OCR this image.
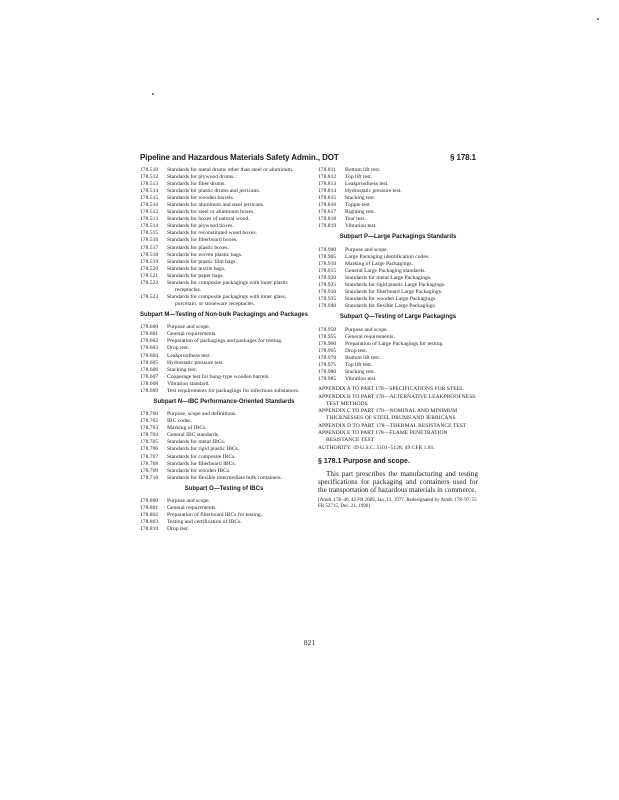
Pipeline and Hazardous Materials Safety Admin., DOT	§ 178.1
178.510	Standards for metal drums other than steel or aluminum.
178.512	Standards for plywood drums.
178.513	Standards for fiber drums.
178.514	Standards for plastic drums and jerricans.
178.515	Standards for wooden barrels.
178.516	Standards for aluminum and steel jerricans.
178.512	Standards for steel or aluminum boxes.
178.513	Standards for boxes of natural wood.
178.514	Standards for plywood boxes.
178.515	Standards for reconstituted wood boxes.
178.516	Standards for fiberboard boxes.
178.517	Standards for plastic boxes.
178.518	Standards for woven plastic bags.
178.519	Standards for plastic film bags.
178.520	Standards for textile bags.
178.521	Standards for paper bags.
178.522	Standards for composite packagings with inner plastic receptacles.
178.523	Standards for composite packagings with inner glass, porcelain, or stoneware receptacles.
Subpart M—Testing of Non-bulk Packagings and Packages
178.600	Purpose and scope.
178.601	General requirements.
178.602	Preparation of packagings and packages for testing.
178.603	Drop test.
178.604	Leakproofness test.
178.605	Hydrostatic pressure test.
178.606	Stacking test.
178.607	Cooperage test for bung-type wooden barrels.
178.608	Vibration standard.
178.609	Test requirements for packagings for infectious substances.
Subpart N—IBC Performance-Oriented Standards
178.700	Purpose, scope and definitions.
178.702	IBC codes.
178.703	Marking of IBCs.
178.704	General IBC standards.
178.705	Standards for metal IBCs.
178.706	Standards for rigid plastic IBCs.
178.707	Standards for composite IBCs.
178.708	Standards for fiberboard IBCs.
178.709	Standards for wooden IBCs.
178.710	Standards for flexible intermediate bulk containers.
Subpart O—Testing of IBCs
178.800	Purpose and scope.
178.801	General requirements.
178.802	Preparation of fiberboard IBCs for testing.
178.803	Testing and certification of IBCs.
178.810	Drop test.
178.811	Bottom lift test.
178.812	Top lift test.
178.813	Leakproofness test.
178.814	Hydrostatic pressure test.
178.815	Stacking test.
178.816	Topple test.
178.817	Righting test.
178.818	Tear test.
178.819	Vibration test.
Subpart P—Large Packagings Standards
178.900	Purpose and scope.
178.905	Large Packaging identification codes.
178.910	Marking of Large Packagings.
178.915	General Large Packaging standards.
178.920	Standards for metal Large Packagings.
178.925	Standards for rigid plastic Large Packagings.
178.930	Standards for fiberboard Large Packagings.
178.935	Standards for wooden Large Packagings.
178.940	Standards for flexible Large Packagings.
Subpart Q—Testing of Large Packagings
178.950	Purpose and scope.
178.955	General requirements.
178.960	Preparation of Large Packagings for testing.
178.965	Drop test.
178.970	Bottom lift test.
178.975	Top lift test.
178.980	Stacking test.
178.985	Vibration test.
APPENDIX A TO PART 178—SPECIFICATIONS FOR STEEL
APPENDIX B TO PART 178—ALTERNATIVE LEAKPROOFNESS TEST METHODS
APPENDIX C TO PART 178—NOMINAL AND MINIMUM THICKNESSES OF STEEL DRUMS AND JERRICANS
APPENDIX D TO PART 178—THERMAL RESISTANCE TEST
APPENDIX E TO PART 178—FLAME PENETRATION RESISTANCE TEST
AUTHORITY: 49 U.S.C. 5101–5128; 49 CFR 1.81.
§ 178.1 Purpose and scope.
This part prescribes the manufacturing and testing specifications for packaging and containers used for the transportation of hazardous materials in commerce.
[Amdt. 178–40, 42 FR 2689, Jan. 13, 1977. Redesignated by Amdt. 178–97, 55 FR 52715, Dec. 21, 1990]
821
